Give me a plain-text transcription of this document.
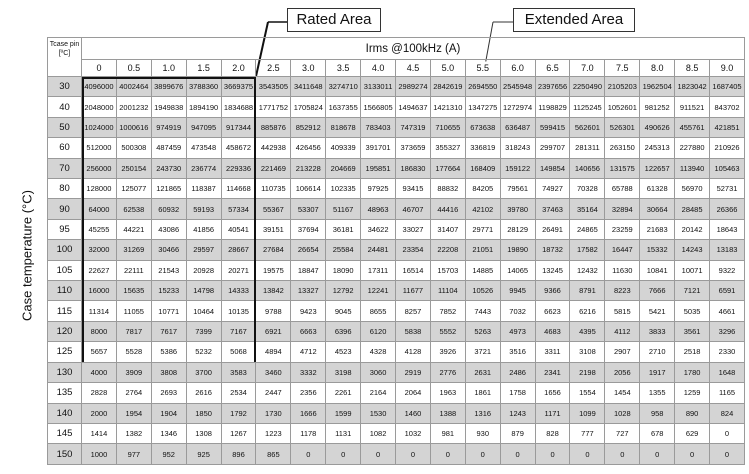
Case temperature (°C)
Rated Area	Extended Area
Tcase pin
[ºC]	Irms @100kHz (A)																		
	0	0.5	1.0	1.5	2.0	2.5	3.0	3.5	4.0	4.5	5.0	5.5	6.0	6.5	7.0	7.5	8.0	8.5	9.0
30	4096000	4002464	3899676	3788360	3669375	3543505	3411648	3274710	3133011	2989274	2842619	2694550	2545948	2397656	2250490	2105203	1962504	1823042	1687405
40	2048000	2001232	1949838	1894190	1834688	1771752	1705824	1637355	1566805	1494637	1421310	1347275	1272974	1198829	1125245	1052601	981252	911521	843702
50	1024000	1000616	974919	947095	917344	885876	852912	818678	783403	747319	710655	673638	636487	599415	562601	526301	490626	455761	421851
60	512000	500308	487459	473548	458672	442938	426456	409339	391701	373659	355327	336819	318243	299707	281311	263150	245313	227880	210926
70	256000	250154	243730	236774	229336	221469	213228	204669	195851	186830	177664	168409	159122	149854	140656	131575	122657	113940	105463
80	128000	125077	121865	118387	114668	110735	106614	102335	97925	93415	88832	84205	79561	74927	70328	65788	61328	56970	52731
90	64000	62538	60932	59193	57334	55367	53307	51167	48963	46707	44416	42102	39780	37463	35164	32894	30664	28485	26366
95	45255	44221	43086	41856	40541	39151	37694	36181	34622	33027	31407	29771	28129	26491	24865	23259	21683	20142	18643
100	32000	31269	30466	29597	28667	27684	26654	25584	24481	23354	22208	21051	19890	18732	17582	16447	15332	14243	13183
105	22627	22111	21543	20928	20271	19575	18847	18090	17311	16514	15703	14885	14065	13245	12432	11630	10841	10071	9322
110	16000	15635	15233	14798	14333	13842	13327	12792	12241	11677	11104	10526	9945	9366	8791	8223	7666	7121	6591
115	11314	11055	10771	10464	10135	9788	9423	9045	8655	8257	7852	7443	7032	6623	6216	5815	5421	5035	4661
120	8000	7817	7617	7399	7167	6921	6663	6396	6120	5838	5552	5263	4973	4683	4395	4112	3833	3561	3296
125	5657	5528	5386	5232	5068	4894	4712	4523	4328	4128	3926	3721	3516	3311	3108	2907	2710	2518	2330
130	4000	3909	3808	3700	3583	3460	3332	3198	3060	2919	2776	2631	2486	2341	2198	2056	1917	1780	1648
135	2828	2764	2693	2616	2534	2447	2356	2261	2164	2064	1963	1861	1758	1656	1554	1454	1355	1259	1165
140	2000	1954	1904	1850	1792	1730	1666	1599	1530	1460	1388	1316	1243	1171	1099	1028	958	890	824
145	1414	1382	1346	1308	1267	1223	1178	1131	1082	1032	981	930	879	828	777	727	678	629	0
150	1000	977	952	925	896	865	0	0	0	0	0	0	0	0	0	0	0	0	0
